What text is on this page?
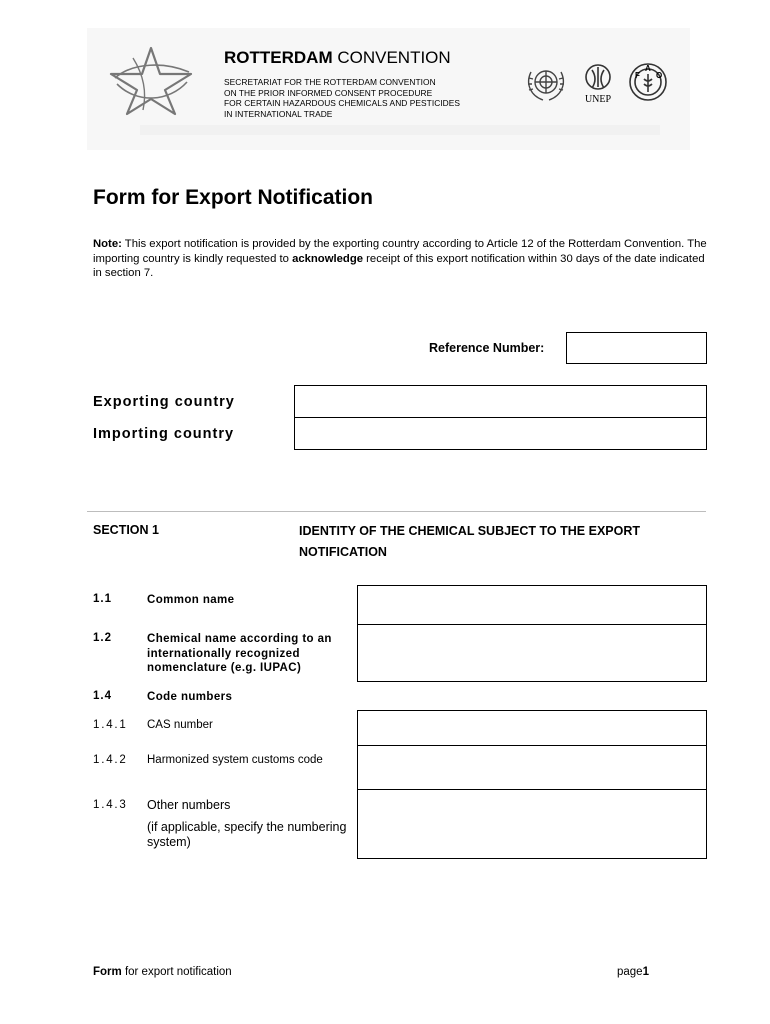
ROTTERDAM CONVENTION
SECRETARIAT FOR THE ROTTERDAM CONVENTION
ON THE PRIOR INFORMED CONSENT PROCEDURE
FOR CERTAIN HAZARDOUS CHEMICALS AND PESTICIDES
IN INTERNATIONAL TRADE
UNEP
F
A
O
Form for Export Notification
Note: This export notification is provided by the exporting country according to Article 12 of the Rotterdam Convention. The importing country is kindly requested to acknowledge receipt of this export notification within 30 days of the date indicated in section 7.
Reference Number:
Exporting country
Importing country
SECTION 1	IDENTITY OF THE CHEMICAL SUBJECT TO THE EXPORT NOTIFICATION
1.1	Common name
1.2	Chemical name according to an internationally recognized nomenclature (e.g. IUPAC)
1.4	Code numbers
1.4.1 CAS number
1.4.2 Harmonized system customs code
1.4.3 Other numbers
(if applicable, specify the numbering system)
Form for export notification	page1
